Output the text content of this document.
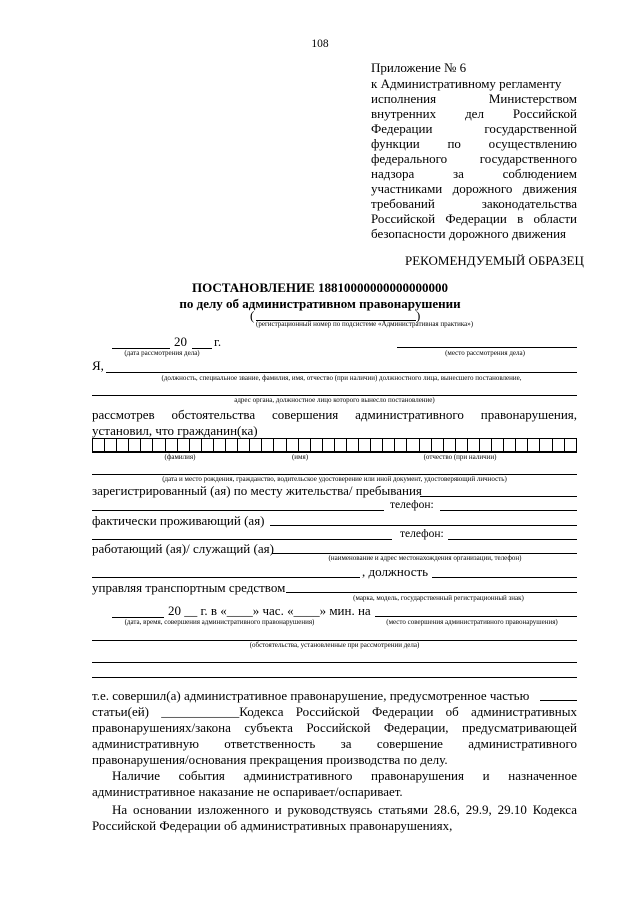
108
Приложение № 6
к Административному регламенту
исполнения Министерством
внутренних дел Российской
Федерации государственной
функции по осуществлению
федерального государственного
надзора за соблюдением
участниками дорожного движения
требований законодательства
Российской Федерации в области
безопасности дорожного движения
РЕКОМЕНДУЕМЫЙ ОБРАЗЕЦ
ПОСТАНОВЛЕНИЕ 18810000000000000000
по делу об административном правонарушении
(	)
(регистрационный номер по подсистеме «Административная практика»)
20 г.
(дата рассмотрения дела)	(место рассмотрения дела)
Я,
(должность, специальное звание, фамилия, имя, отчество (при наличии) должностного лица, вынесшего постановление,
адрес органа, должностное лицо которого вынесло постановление)
рассмотрев обстоятельства совершения административного правонарушения,
установил, что гражданин(ка)
(фамилия)	(имя)	(отчество (при наличии)
(дата и место рождения, гражданство, водительское удостоверение или иной документ, удостоверяющий личность)
зарегистрированный (ая) по месту жительства/ пребывания
телефон:
фактически проживающий (ая)
телефон:
работающий (ая)/ служащий (ая)
(наименование и адрес местонахождения организации, телефон)
, должность
управляя транспортным средством
(марка, модель, государственный регистрационный знак)
20 __ г. в «____» час. «____» мин. на
(дата, время, совершения административного правонарушения)	(место совершения административного правонарушения)
(обстоятельства, установленные при рассмотрении дела)
т.е. совершил(а) административное правонарушение, предусмотренное частью
статьи(ей) ____________Кодекса Российской Федерации об административных
правонарушениях/закона субъекта Российской Федерации, предусматривающей
административную ответственность за совершение административного
правонарушения/основания прекращения производства по делу.
Наличие события административного правонарушения и назначенное
административное наказание не оспаривает/оспаривает.
На основании изложенного и руководствуясь статьями 28.6, 29.9, 29.10 Кодекса
Российской Федерации об административных правонарушениях,
